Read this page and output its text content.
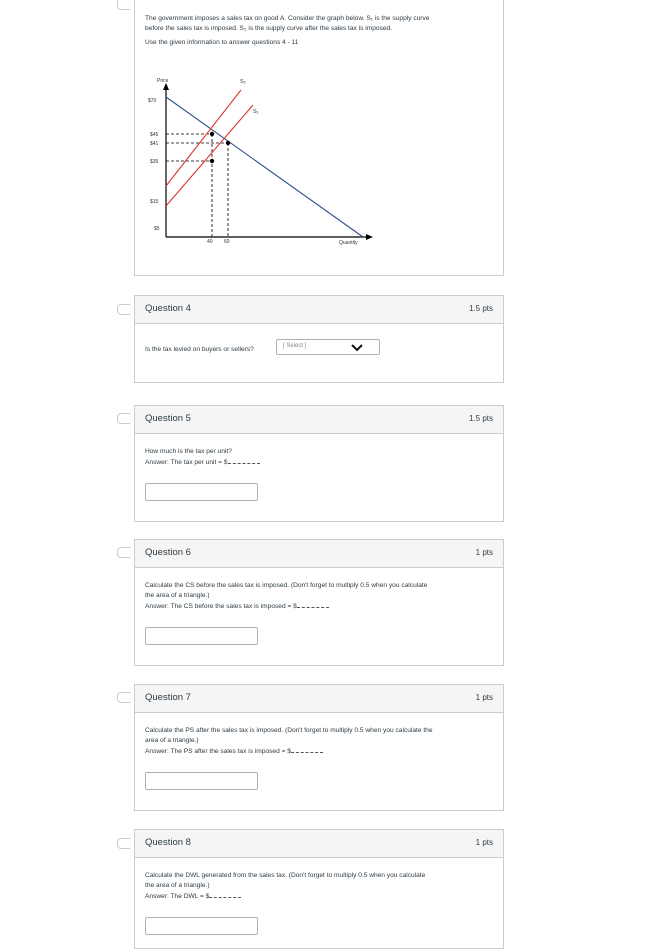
The government imposes a sales tax on good A. Consider the graph below. S₁ is the supply curve
before the sales tax is imposed. S₂ is the supply curve after the sales tax is imposed.
Use the given information to answer questions 4 - 11
Price
Quantity
$70
$45
$41
$35
$15
$5
40 60
S₂
S₁
Question 4	1.5 pts
Is the tax levied on buyers or sellers?	[ Select ]
Question 5	1.5 pts
How much is the tax per unit?
Answer: The tax per unit = $
Question 6	1 pts
Calculate the CS before the sales tax is imposed. (Don't forget to multiply 0.5 when you calculate
the area of a triangle.)
Answer: The CS before the sales tax is imposed = $
Question 7	1 pts
Calculate the PS after the sales tax is imposed. (Don't forget to multiply 0.5 when you calculate the
area of a triangle.)
Answer: The PS after the sales tax is imposed = $
Question 8	1 pts
Calculate the DWL generated from the sales tax. (Don't forget to multiply 0.5 when you calculate
the area of a triangle.)
Answer: The DWL = $
